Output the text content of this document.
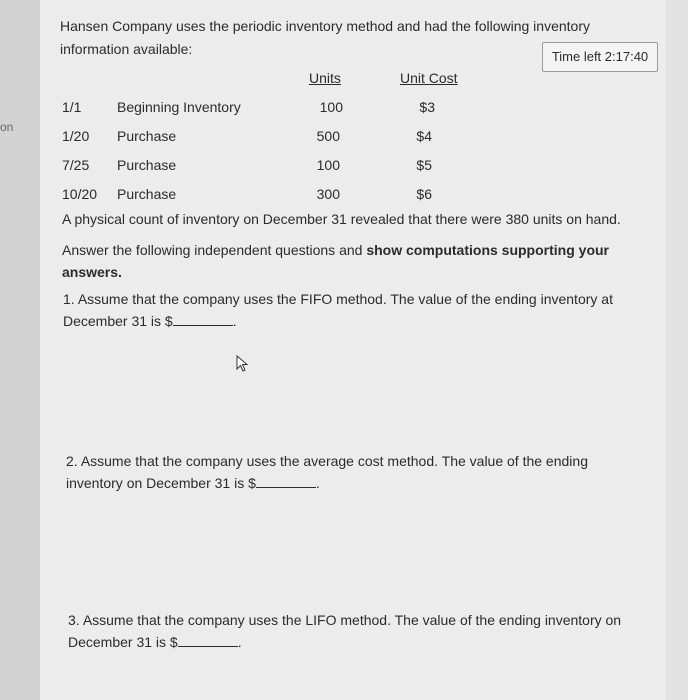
on
Hansen Company uses the periodic inventory method and had the following inventory information available:	Time left 2:17:40
Units	Unit Cost
1/1	Beginning Inventory	100	$3
1/20 Purchase	500	$4
7/25 Purchase	100	$5
10/20 Purchase	300	$6
A physical count of inventory on December 31 revealed that there were 380 units on hand.
Answer the following independent questions and show computations supporting your answers.
1. Assume that the company uses the FIFO method. The value of the ending inventory at December 31 is $	.
2. Assume that the company uses the average cost method. The value of the ending inventory on December 31 is $	.
3. Assume that the company uses the LIFO method. The value of the ending inventory on December 31 is $	.
